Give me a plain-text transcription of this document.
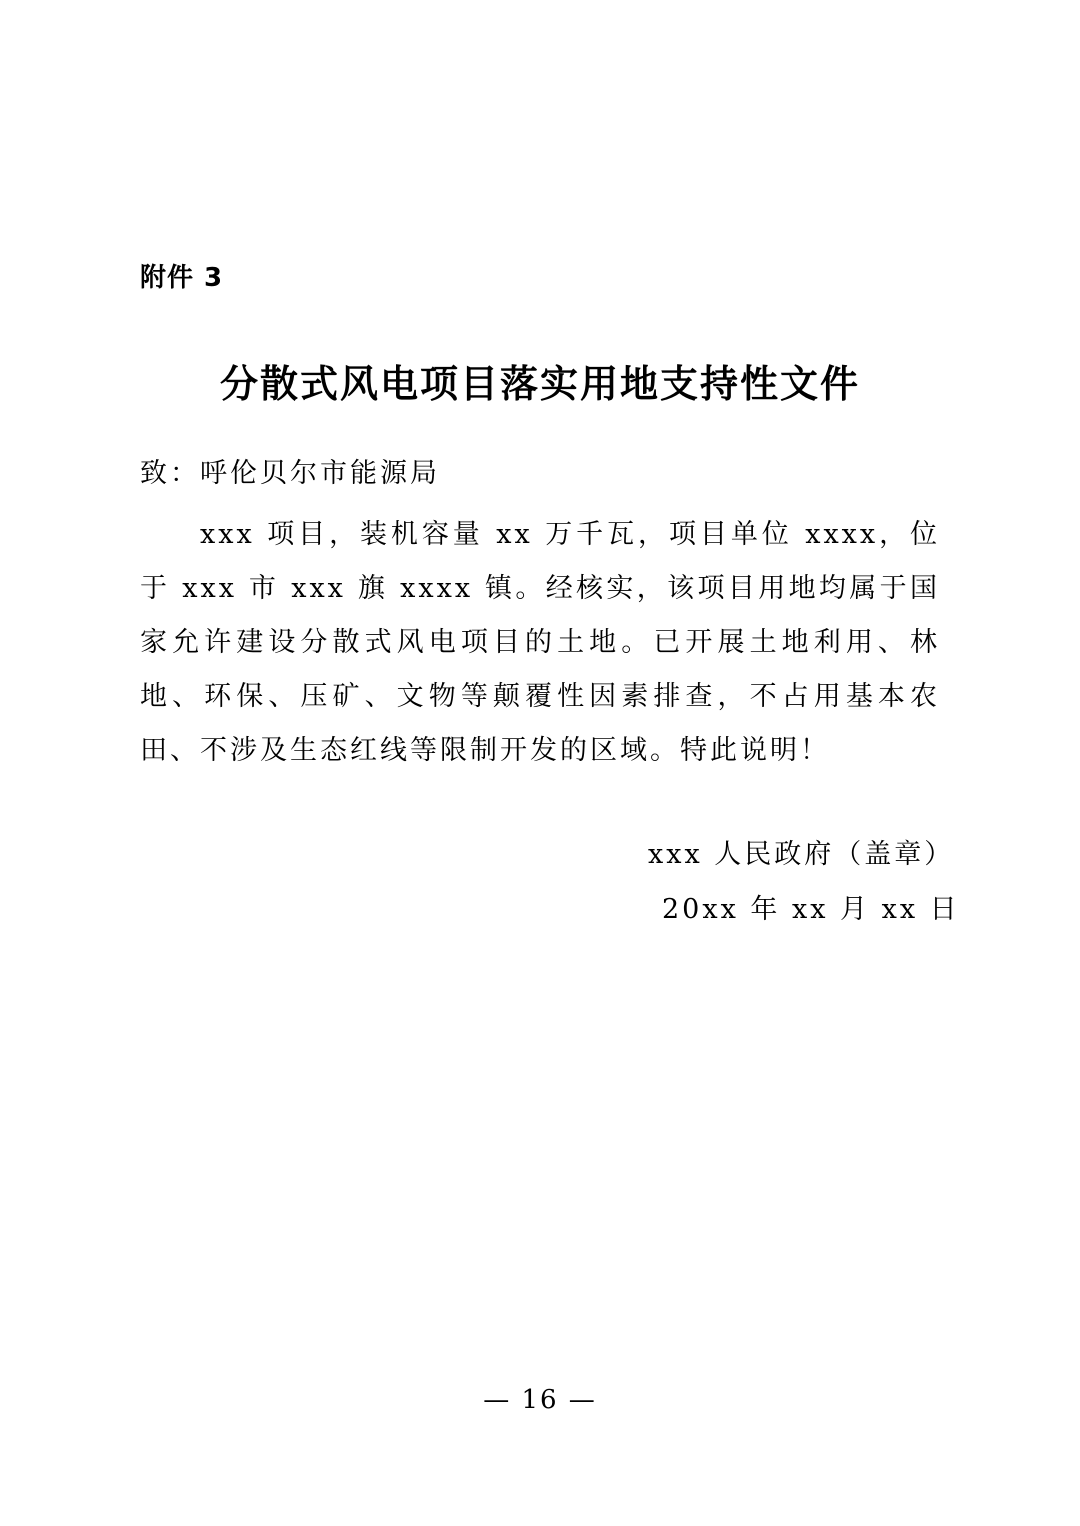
附件 3
分散式风电项目落实用地支持性文件
致：呼伦贝尔市能源局

xxx 项目，装机容量 xx 万千瓦，项目单位 xxxx，位于 xxx 市 xxx 旗 xxxx 镇。经核实，该项目用地均属于国家允许建设分散式风电项目的土地。已开展土地利用、林地、环保、压矿、文物等颠覆性因素排查，不占用基本农田、不涉及生态红线等限制开发的区域。特此说明！

xxx 人民政府（盖章）
20xx 年 xx 月 xx 日
— 16 —
